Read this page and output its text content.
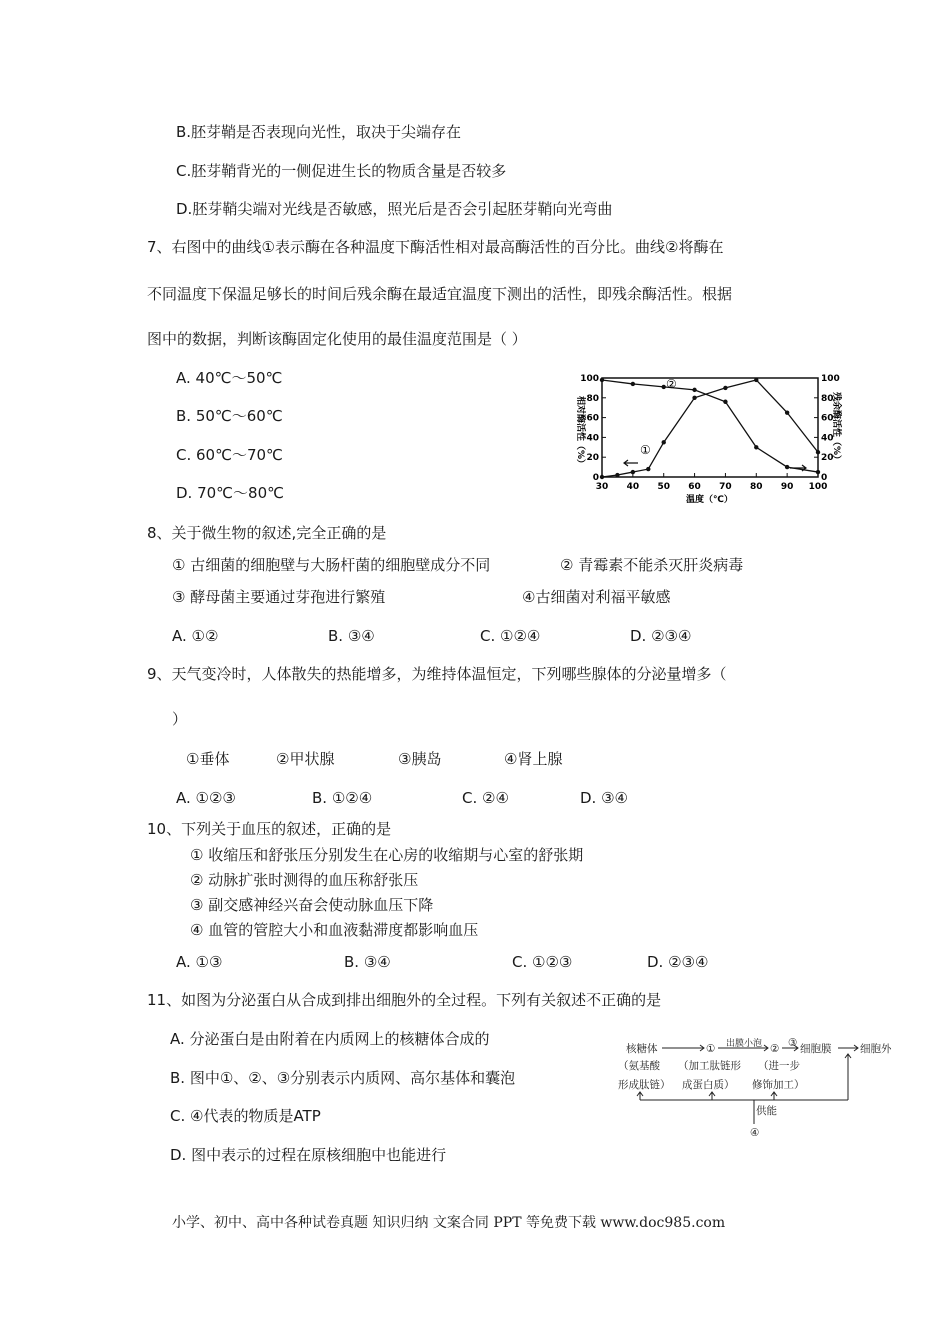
B.胚芽鞘是否表现向光性，取决于尖端存在
C.胚芽鞘背光的一侧促进生长的物质含量是否较多
D.胚芽鞘尖端对光线是否敏感，照光后是否会引起胚芽鞘向光弯曲
7、右图中的曲线①表示酶在各种温度下酶活性相对最高酶活性的百分比。曲线②将酶在
不同温度下保温足够长的时间后残余酶在最适宜温度下测出的活性，即残余酶活性。根据
图中的数据，判断该酶固定化使用的最佳温度范围是（ ）
A. 40℃～50℃
B. 50℃～60℃
C. 60℃～70℃
D. 70℃～80℃
0
20
40
60
80
100
0
20
40
60
80
100
30 40 50 60 70 80 90 100
相对酶活性（%）	残余酶活性（%）
温度（℃）
①
②
8、关于微生物的叙述,完全正确的是
① 古细菌的细胞壁与大肠杆菌的细胞壁成分不同	② 青霉素不能杀灭肝炎病毒
③ 酵母菌主要通过芽孢进行繁殖	④古细菌对利福平敏感
A. ①②	B. ③④	C. ①②④	D. ②③④
9、天气变冷时，人体散失的热能增多，为维持体温恒定，下列哪些腺体的分泌量增多（
）
①垂体	②甲状腺	③胰岛	④肾上腺
A. ①②③	B. ①②④	C. ②④	D. ③④
10、下列关于血压的叙述，正确的是
① 收缩压和舒张压分别发生在心房的收缩期与心室的舒张期
② 动脉扩张时测得的血压称舒张压
③ 副交感神经兴奋会使动脉血压下降
④ 血管的管腔大小和血液黏滞度都影响血压
A. ①③	B. ③④	C. ①②③	D. ②③④
11、如图为分泌蛋白从合成到排出细胞外的全过程。下列有关叙述不正确的是
A. 分泌蛋白是由附着在内质网上的核糖体合成的
B. 图中①、②、③分别表示内质网、高尔基体和囊泡
C. ④代表的物质是ATP
D. 图中表示的过程在原核细胞中也能进行
核糖体
（氨基酸
形成肽链）
①
（加工肽链形
成蛋白质）
出膜小泡 ②
（进一步
修饰加工）
③ 细胞膜	细胞外
供能
④
小学、初中、高中各种试卷真题 知识归纳 文案合同 PPT 等免费下载 www.doc985.com
